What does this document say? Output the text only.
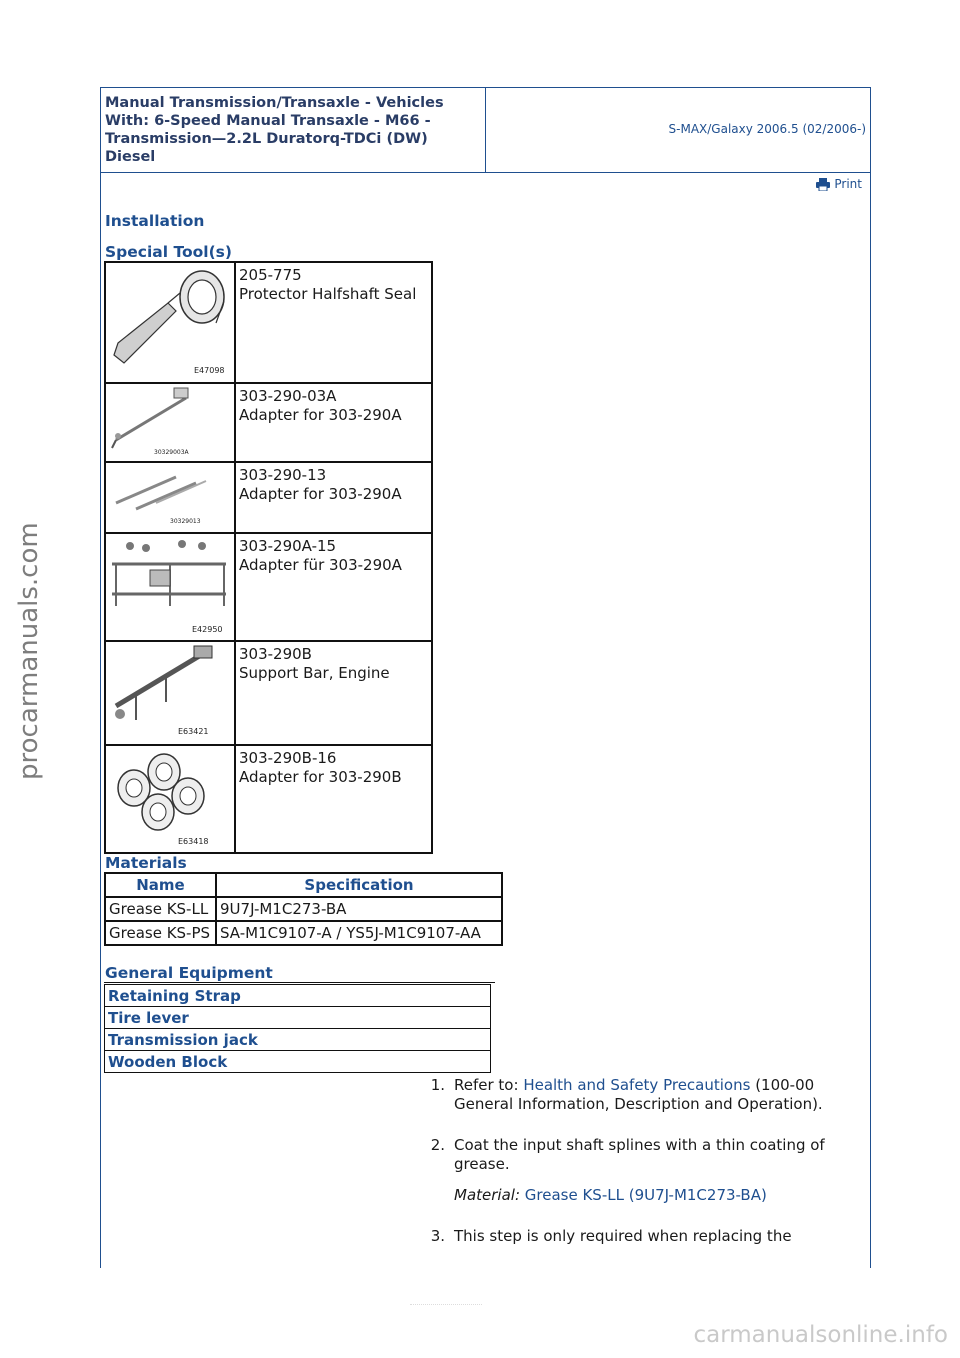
Manual Transmission/Transaxle - Vehicles With: 6-Speed Manual Transaxle - M66 - Transmission—2.2L Duratorq-TDCi (DW) Diesel
S-MAX/Galaxy 2006.5 (02/2006-)
Print
Installation
Special Tool(s)
E47098	205-775
Protector Halfshaft Seal

30329003A	303-290-03A
Adapter for 303-290A

30329013	303-290-13
Adapter for 303-290A

E42950	303-290A-15
Adapter für 303-290A

E63421	303-290B
Support Bar, Engine

E63418	303-290B-16
Adapter for 303-290B
Materials
Name	Specification
Grease KS-LL	9U7J-M1C273-BA
Grease KS-PS	SA-M1C9107-A / YS5J-M1C9107-AA
General Equipment
Retaining Strap
Tire lever
Transmission jack
Wooden Block
1. Refer to: Health and Safety Precautions (100-00 General Information, Description and Operation).
2. Coat the input shaft splines with a thin coating of grease.
Material: Grease KS-LL (9U7J-M1C273-BA)
3. This step is only required when replacing the
procarmanuals.com
carmanualsonline.info
